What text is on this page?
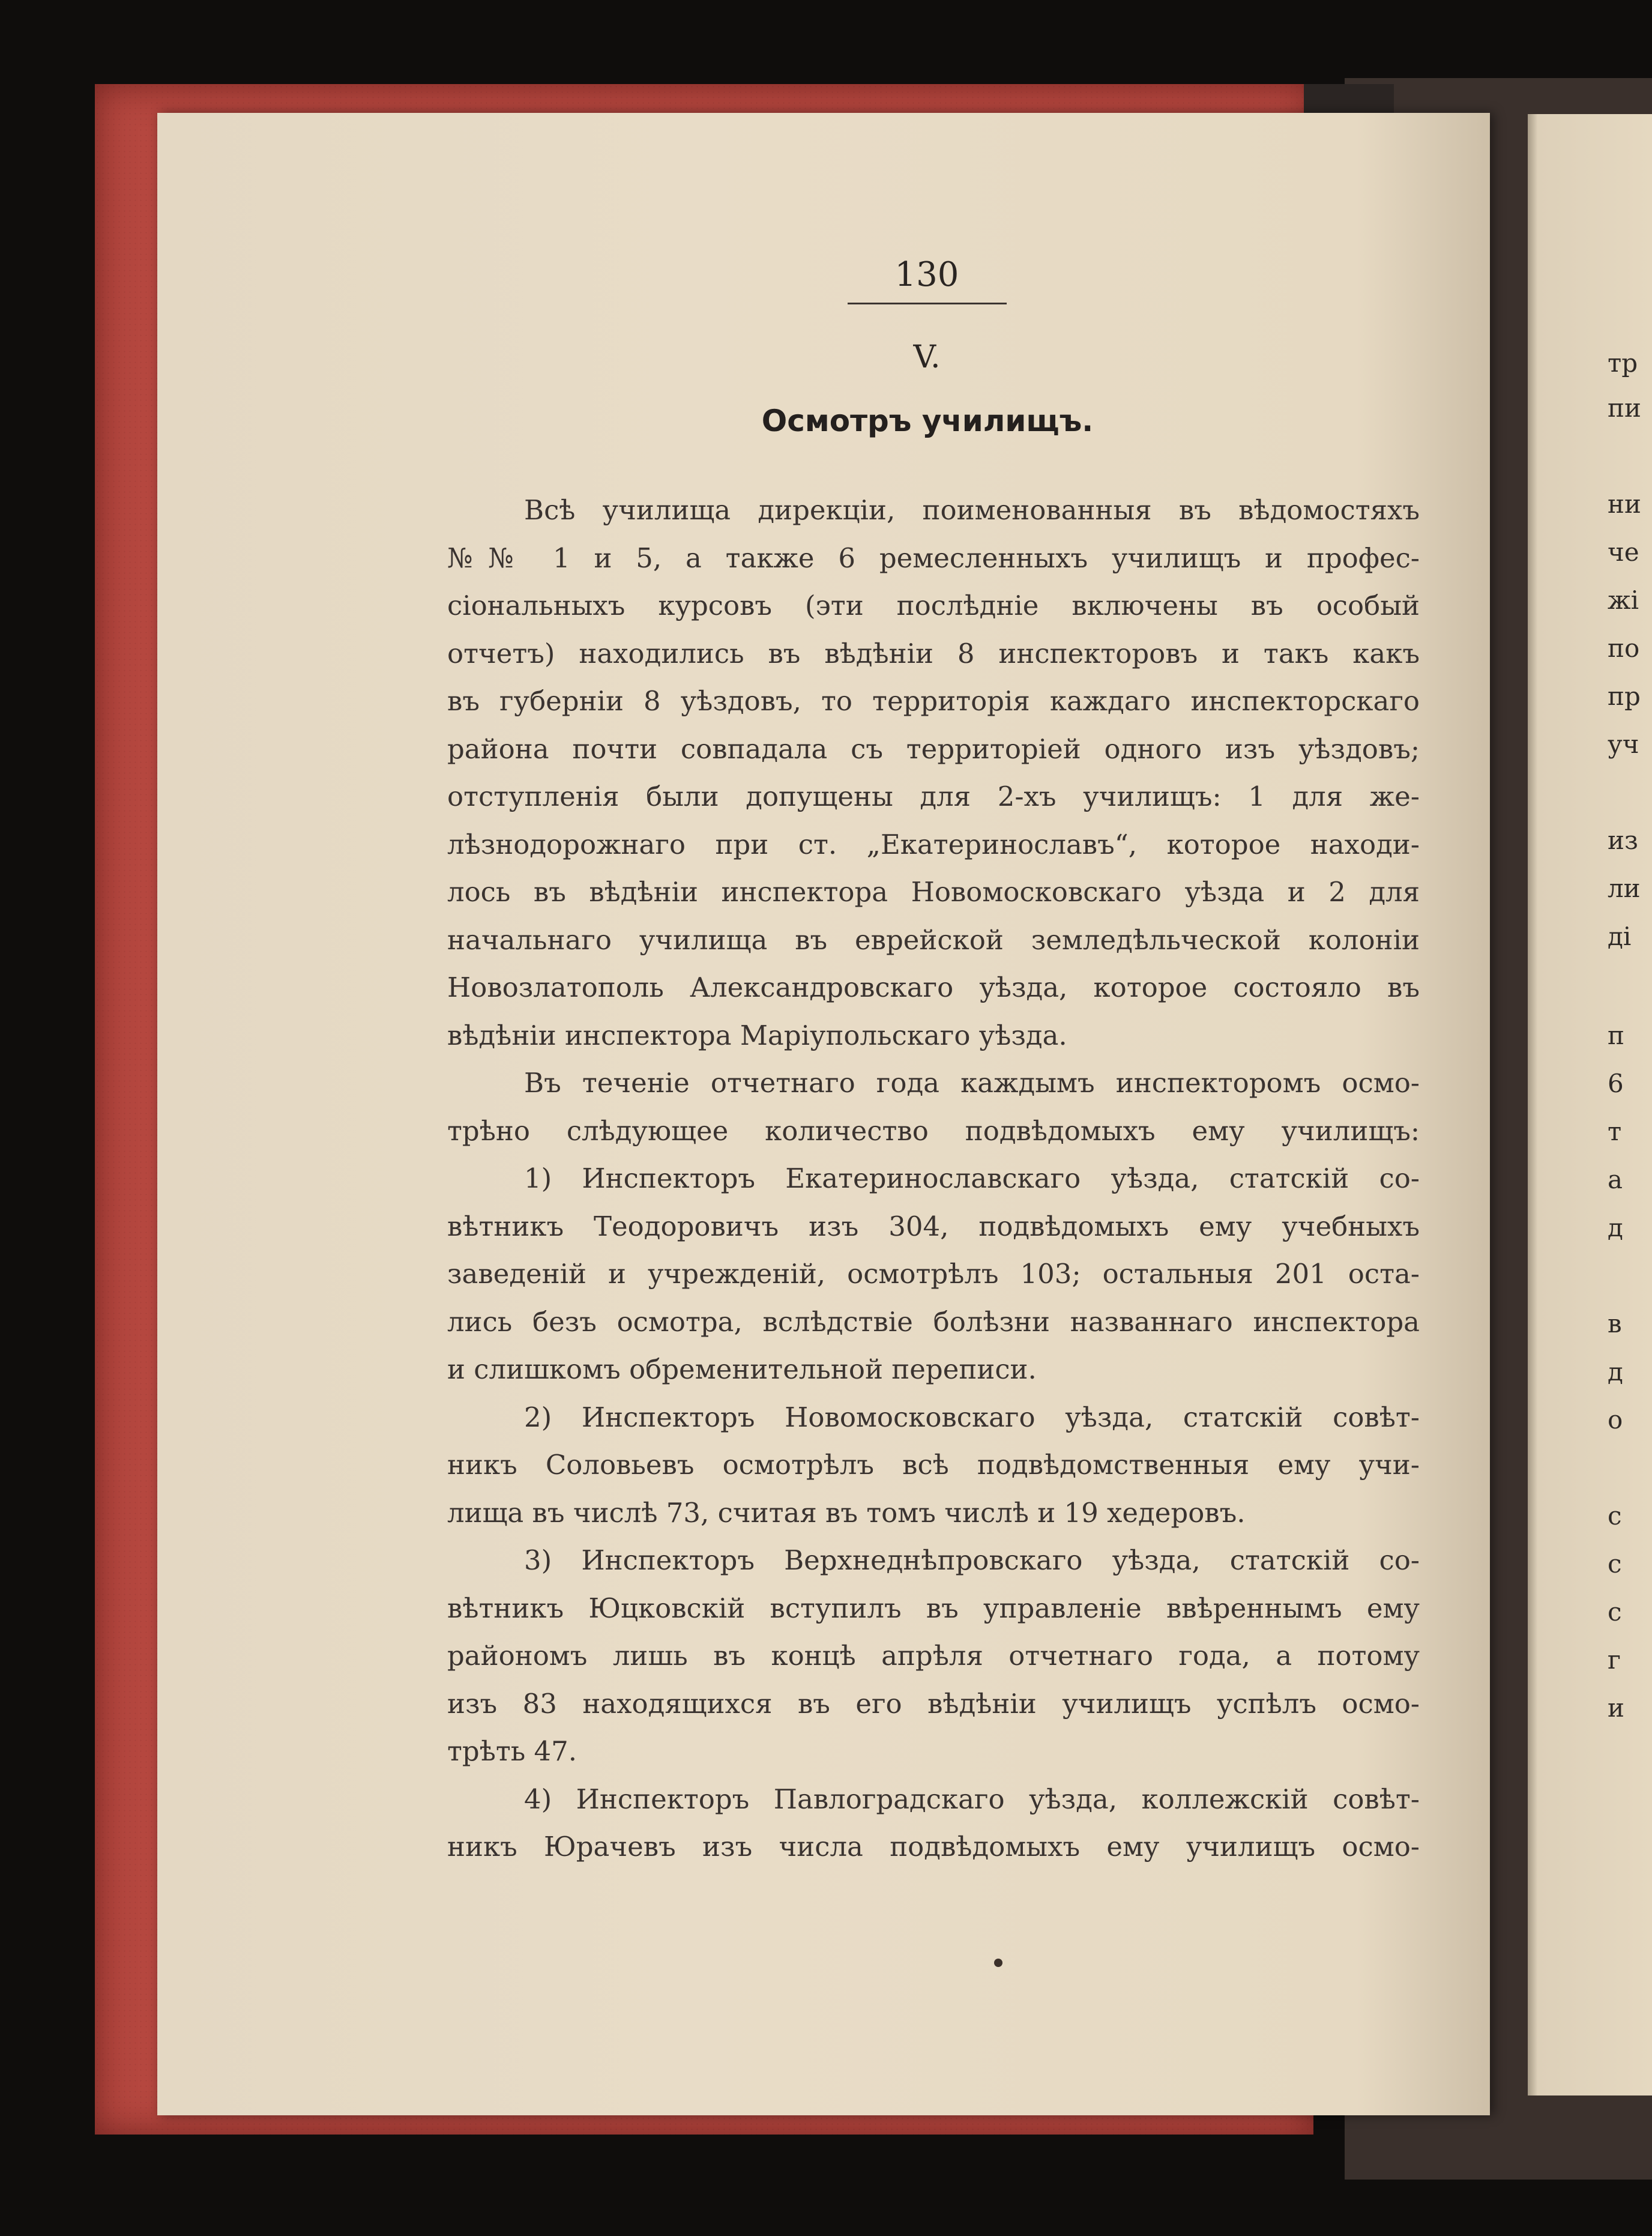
130
V.
Осмотръ училищъ.
Всѣ училища дирекціи, поименованныя въ вѣдомостяхъ
№№ 1 и 5, а также 6 ремесленныхъ училищъ и профес-
сіональныхъ курсовъ (эти послѣдніе включены въ особый
отчетъ) находились въ вѣдѣніи 8 инспекторовъ и такъ какъ
въ губерніи 8 уѣздовъ, то территорія каждаго инспекторскаго
района почти совпадала съ территоріей одного изъ уѣздовъ;
отступленія были допущены для 2-хъ училищъ: 1 для же-
лѣзнодорожнаго при ст. „Екатеринославъ“, которое находи-
лось въ вѣдѣніи инспектора Новомосковскаго уѣзда и 2 для
начальнаго училища въ еврейской земледѣльческой колоніи
Новозлатополь Александровскаго уѣзда, которое состояло въ
вѣдѣніи инспектора Маріупольскаго уѣзда.
Въ теченіе отчетнаго года каждымъ инспекторомъ осмо-
трѣно слѣдующее количество подвѣдомыхъ ему училищъ:
1) Инспекторъ Екатеринославскаго уѣзда, статскій со-
вѣтникъ Теодоровичъ изъ 304, подвѣдомыхъ ему учебныхъ
заведеній и учрежденій, осмотрѣлъ 103; остальныя 201 оста-
лись безъ осмотра, вслѣдствіе болѣзни названнаго инспектора
и слишкомъ обременительной переписи.
2) Инспекторъ Новомосковскаго уѣзда, статскій совѣт-
никъ Соловьевъ осмотрѣлъ всѣ подвѣдомственныя ему учи-
лища въ числѣ 73, считая въ томъ числѣ и 19 хедеровъ.
3) Инспекторъ Верхнеднѣпровскаго уѣзда, статскій со-
вѣтникъ Юцковскій вступилъ въ управленіе ввѣреннымъ ему
райономъ лишь въ концѣ апрѣля отчетнаго года, а потому
изъ 83 находящихся въ его вѣдѣніи училищъ успѣлъ осмо-
трѣть 47.
4) Инспекторъ Павлоградскаго уѣзда, коллежскій совѣт-
никъ Юрачевъ изъ числа подвѣдомыхъ ему училищъ осмо-
тр
пи
ни
че
жі
по
пр
уч
из
ли
ді
п
6
т
а
д
в
д
о
с
с
с
г
и
